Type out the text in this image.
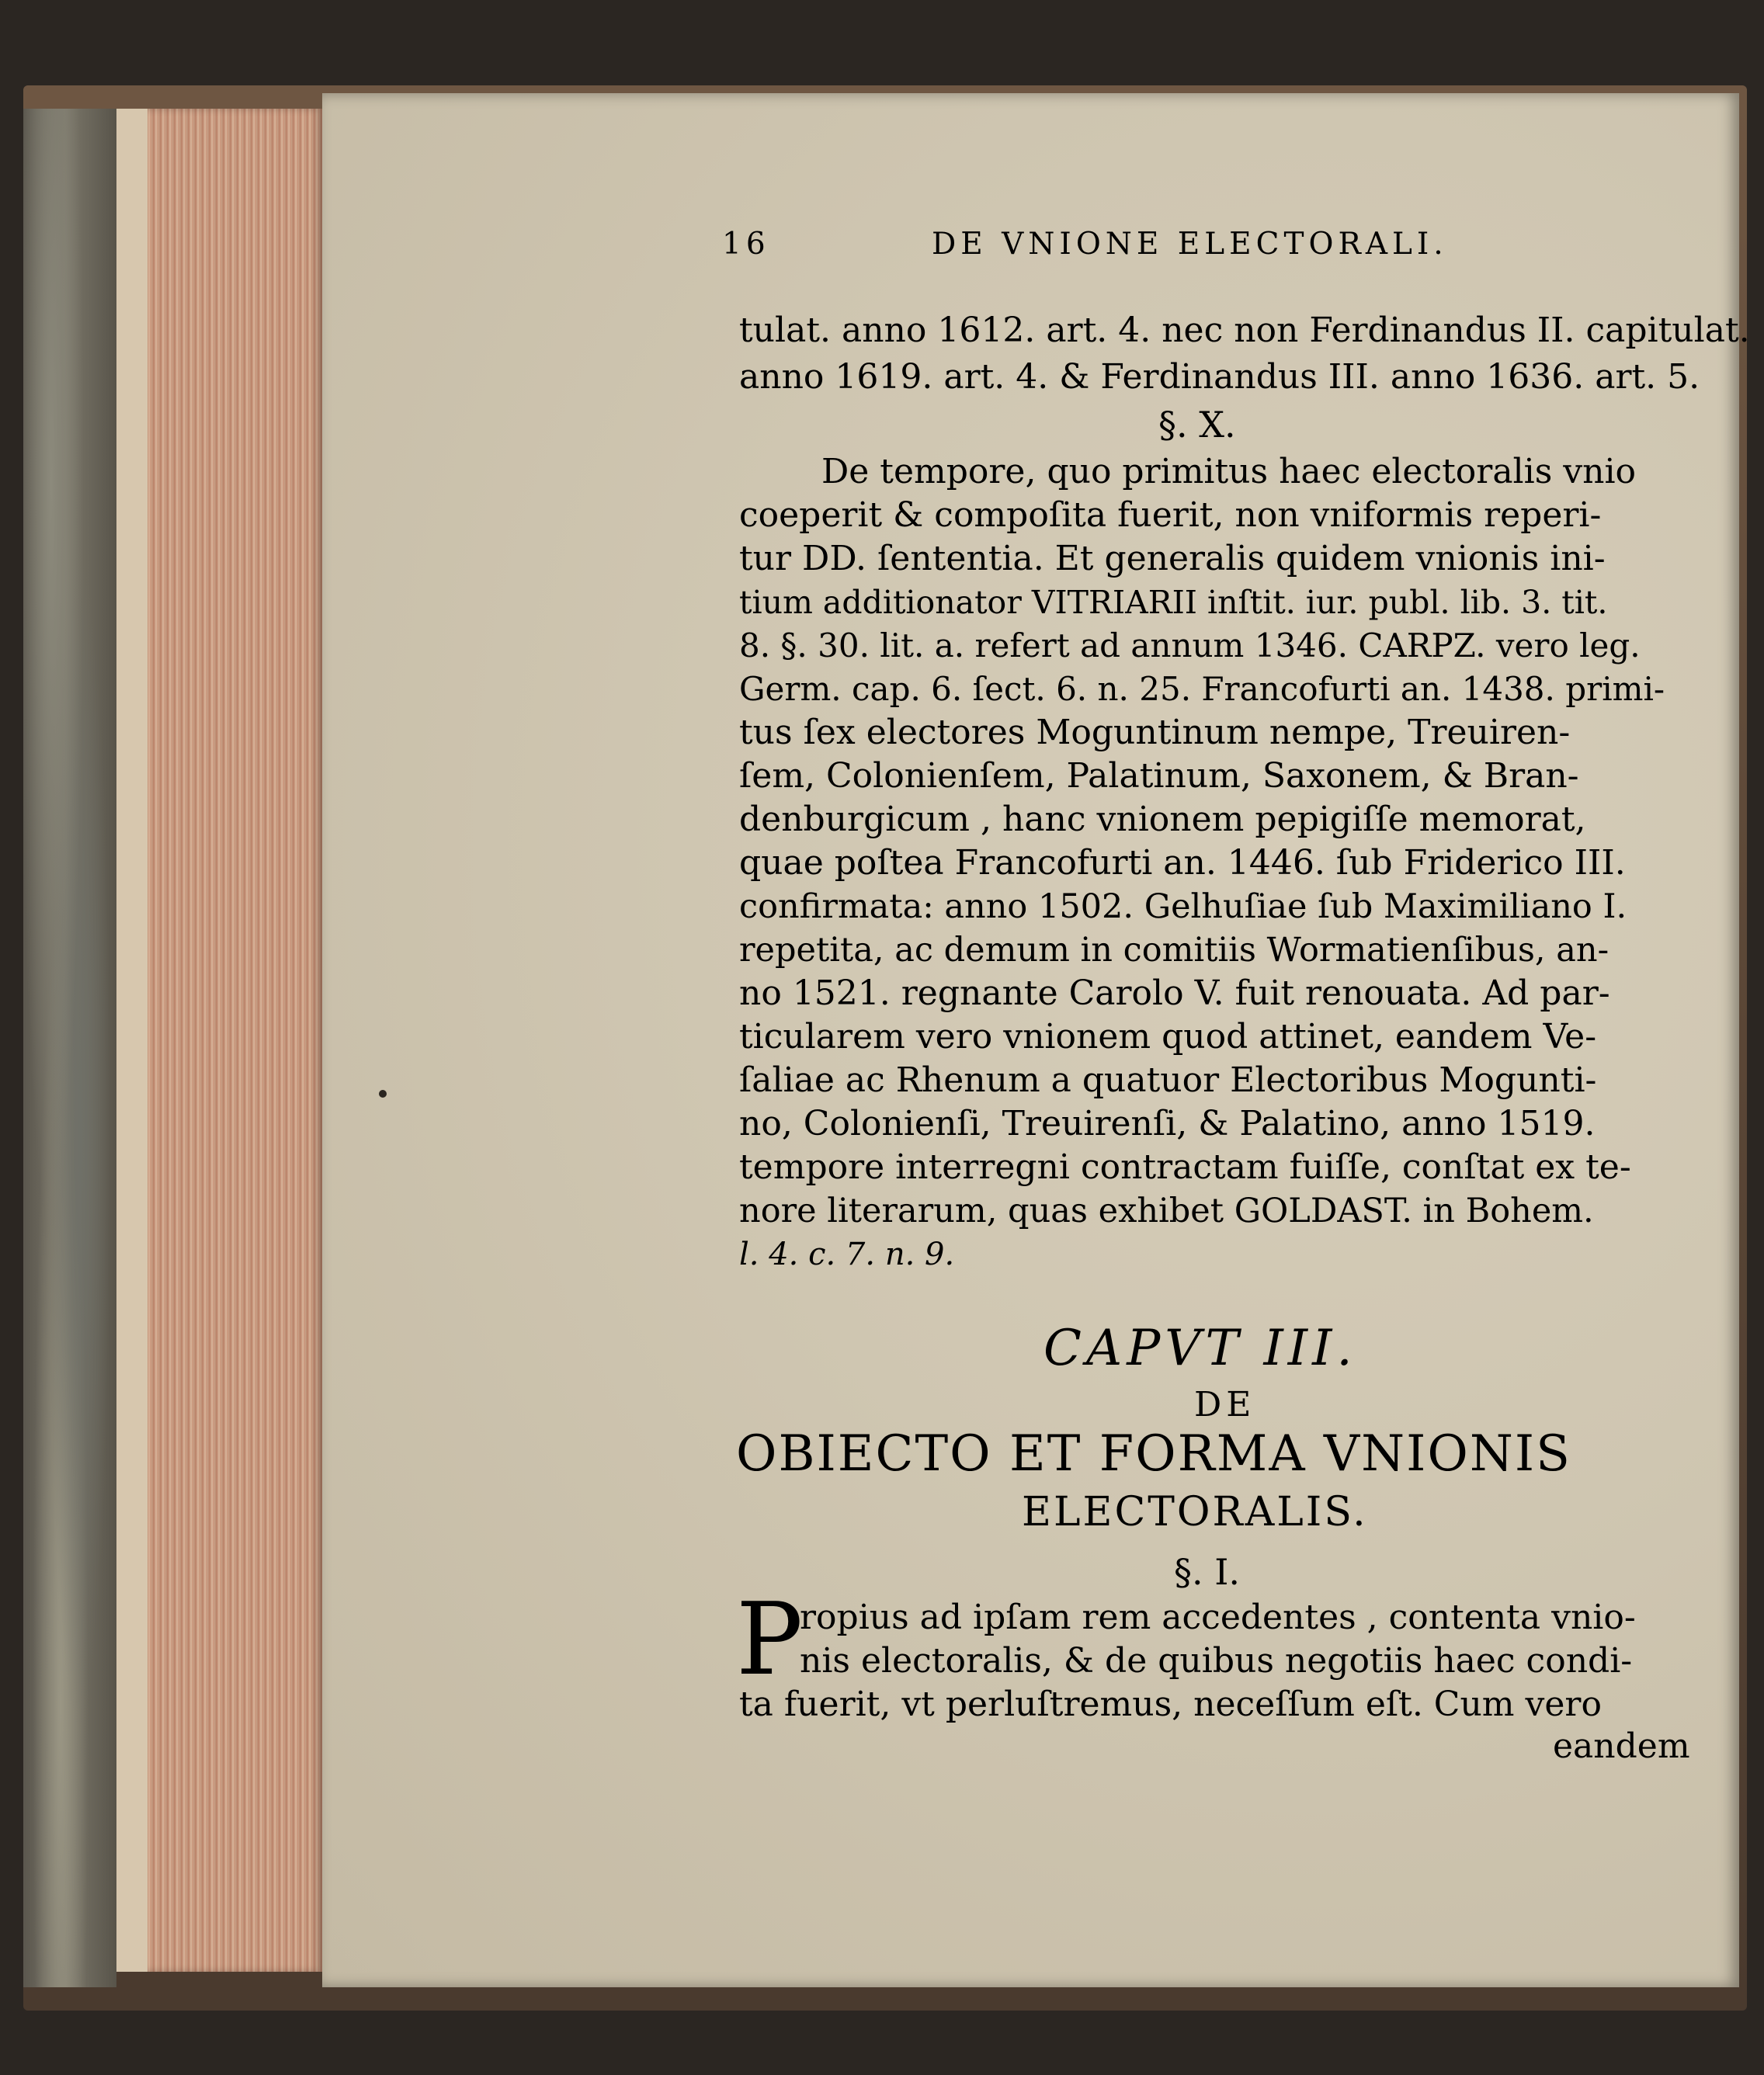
16	DE VNIONE ELECTORALI.
tulat. anno 1612. art. 4. nec non Ferdinandus II. capitulat.
anno 1619. art. 4. & Ferdinandus III. anno 1636. art. 5.
§. X.
De tempore, quo primitus haec electoralis vnio
coeperit & compoſita fuerit, non vniformis reperi-
tur DD. ſententia. Et generalis quidem vnionis ini-
tium additionator VITRIARII inſtit. iur. publ. lib. 3. tit.
8. §. 30. lit. a. refert ad annum 1346. CARPZ. vero leg.
Germ. cap. 6. ſect. 6. n. 25. Francofurti an. 1438. primi-
tus ſex electores Moguntinum nempe, Treuiren-
ſem, Colonienſem, Palatinum, Saxonem, & Bran-
denburgicum , hanc vnionem pepigiſſe memorat,
quae poſtea Francofurti an. 1446. ſub Friderico III.
confirmata: anno 1502. Gelhuſiae ſub Maximiliano I.
repetita, ac demum in comitiis Wormatienſibus, an-
no 1521. regnante Carolo V. fuit renouata. Ad par-
ticularem vero vnionem quod attinet, eandem Ve-
ſaliae ac Rhenum a quatuor Electoribus Mogunti-
no, Colonienſi, Treuirenſi, & Palatino, anno 1519.
tempore interregni contractam fuiſſe, conſtat ex te-
nore literarum, quas exhibet GOLDAST. in Bohem.
l. 4. c. 7. n. 9.
CAPVT III.
DE
OBIECTO ET FORMA VNIONIS
ELECTORALIS.
§. I.
P
ropius ad ipſam rem accedentes , contenta vnio-
nis electoralis, & de quibus negotiis haec condi-
ta fuerit, vt perluſtremus, neceſſum eſt. Cum vero
eandem
